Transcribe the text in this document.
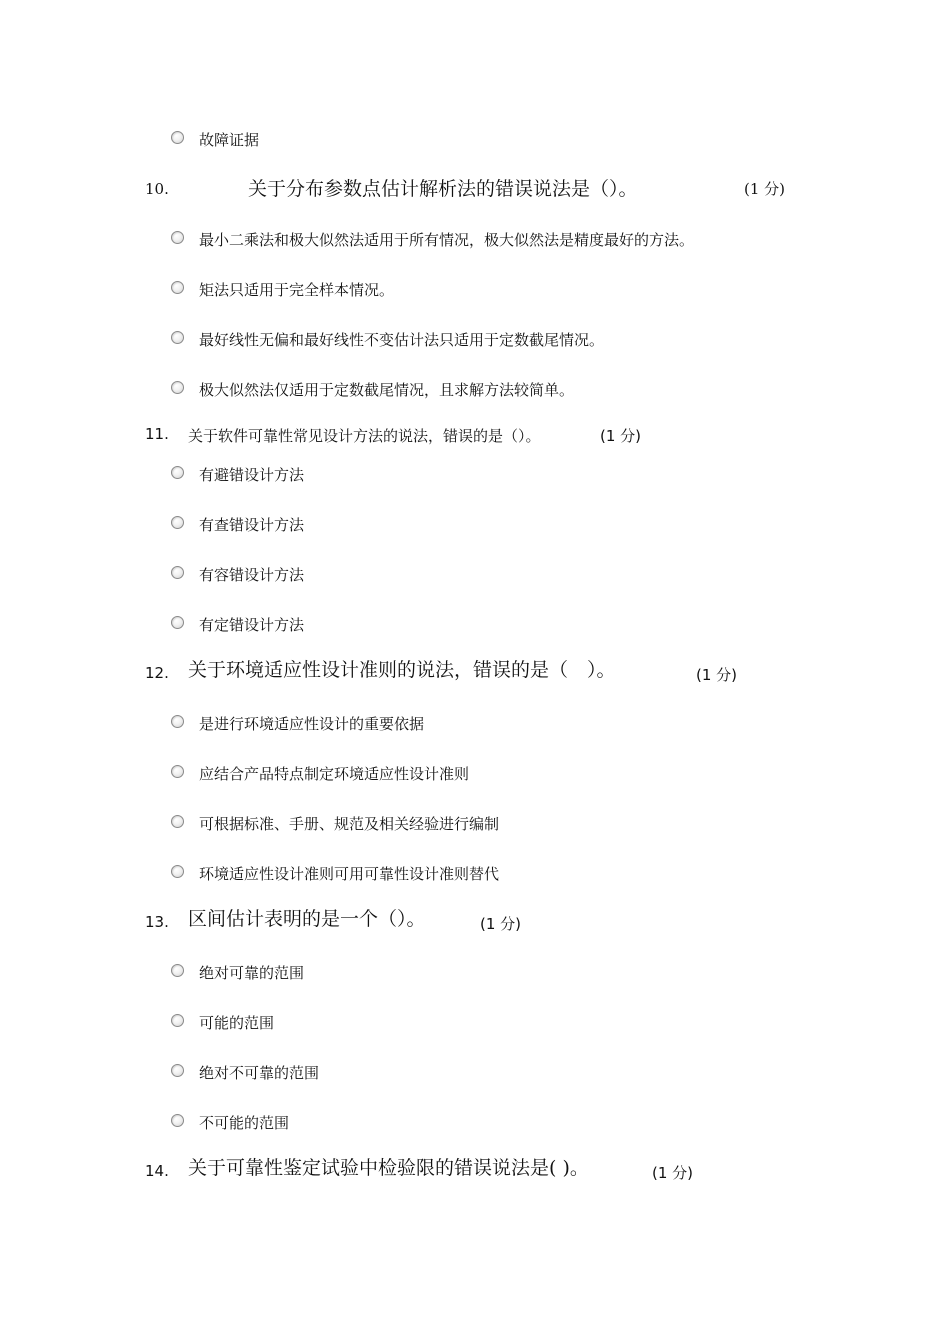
故障证据
10.	关于分布参数点估计解析法的错误说法是（）。	(1 分)
最小二乘法和极大似然法适用于所有情况，极大似然法是精度最好的方法。
矩法只适用于完全样本情况。
最好线性无偏和最好线性不变估计法只适用于定数截尾情况。
极大似然法仅适用于定数截尾情况，且求解方法较简单。
11. 关于软件可靠性常见设计方法的说法，错误的是（）。	(1 分)
有避错设计方法
有查错设计方法
有容错设计方法
有定错设计方法
12. 关于环境适应性设计准则的说法，错误的是（　）。	(1 分)
是进行环境适应性设计的重要依据
应结合产品特点制定环境适应性设计准则
可根据标准、手册、规范及相关经验进行编制
环境适应性设计准则可用可靠性设计准则替代
13. 区间估计表明的是一个（）。	(1 分)
绝对可靠的范围
可能的范围
绝对不可靠的范围
不可能的范围
14. 关于可靠性鉴定试验中检验限的错误说法是( )。	(1 分)
